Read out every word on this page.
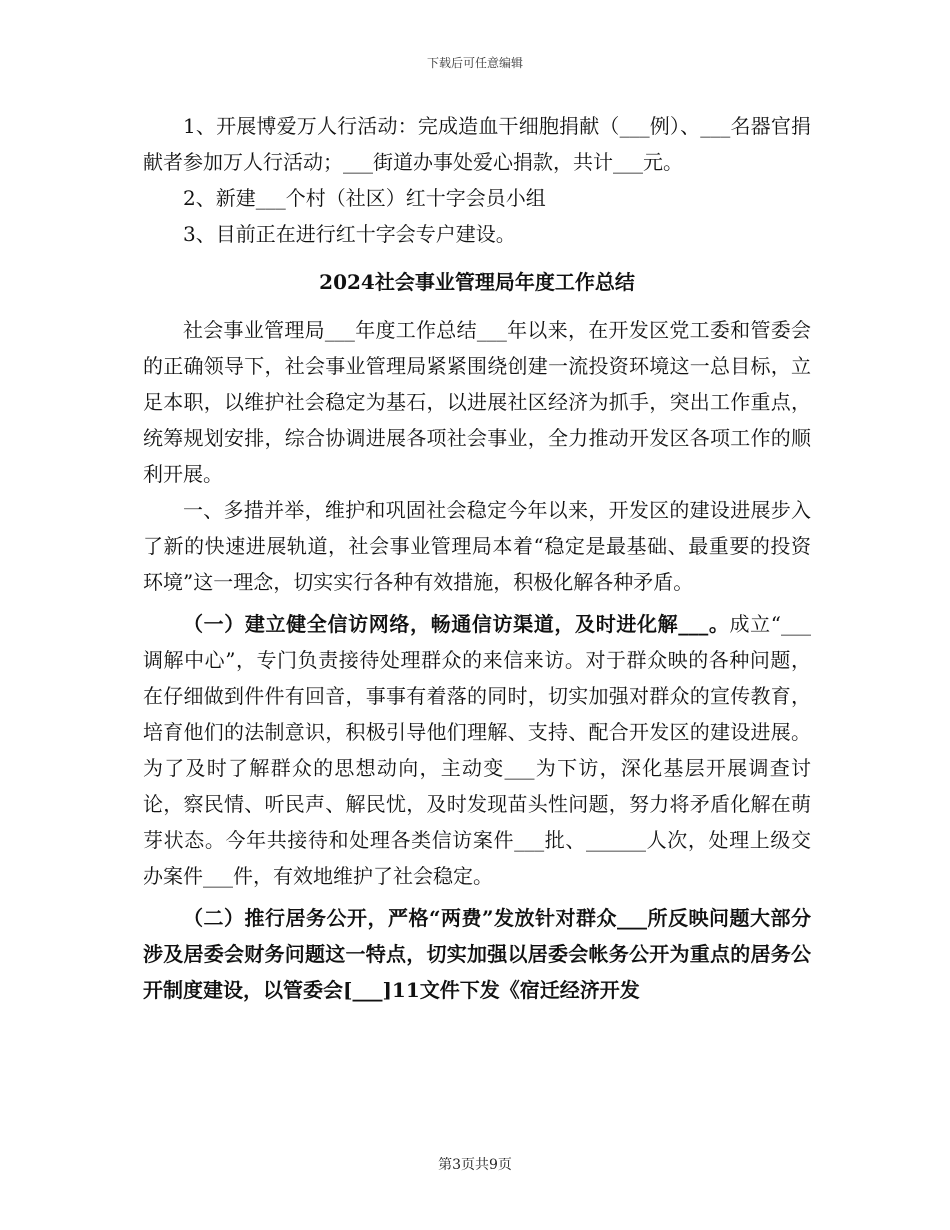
下载后可任意编辑

1、开展博爱万人行活动：完成造血干细胞捐献（___例）、___名器官捐献者参加万人行活动；___街道办事处爱心捐款，共计___元。

2、新建___个村（社区）红十字会员小组

3、目前正在进行红十字会专户建设。

2024社会事业管理局年度工作总结

社会事业管理局___年度工作总结___年以来，在开发区党工委和管委会的正确领导下，社会事业管理局紧紧围绕创建一流投资环境这一总目标，立足本职，以维护社会稳定为基石，以进展社区经济为抓手，突出工作重点，统筹规划安排，综合协调进展各项社会事业，全力推动开发区各项工作的顺利开展。

一、多措并举，维护和巩固社会稳定今年以来，开发区的建设进展步入了新的快速进展轨道，社会事业管理局本着“稳定是最基础、最重要的投资环境”这一理念，切实实行各种有效措施，积极化解各种矛盾。

（一）建立健全信访网络，畅通信访渠道，及时进化解___。成立“___调解中心”，专门负责接待处理群众的来信来访。对于群众映的各种问题，在仔细做到件件有回音，事事有着落的同时，切实加强对群众的宣传教育，培育他们的法制意识，积极引导他们理解、支持、配合开发区的建设进展。为了及时了解群众的思想动向，主动变___为下访，深化基层开展调查讨论，察民情、听民声、解民忧，及时发现苗头性问题，努力将矛盾化解在萌芽状态。今年共接待和处理各类信访案件___批、______人次，处理上级交办案件___件，有效地维护了社会稳定。

（二）推行居务公开，严格“两费”发放针对群众___所反映问题大部分涉及居委会财务问题这一特点，切实加强以居委会帐务公开为重点的居务公开制度建设，以管委会[___]11文件下发《宿迁经济开发

第3页共9页
